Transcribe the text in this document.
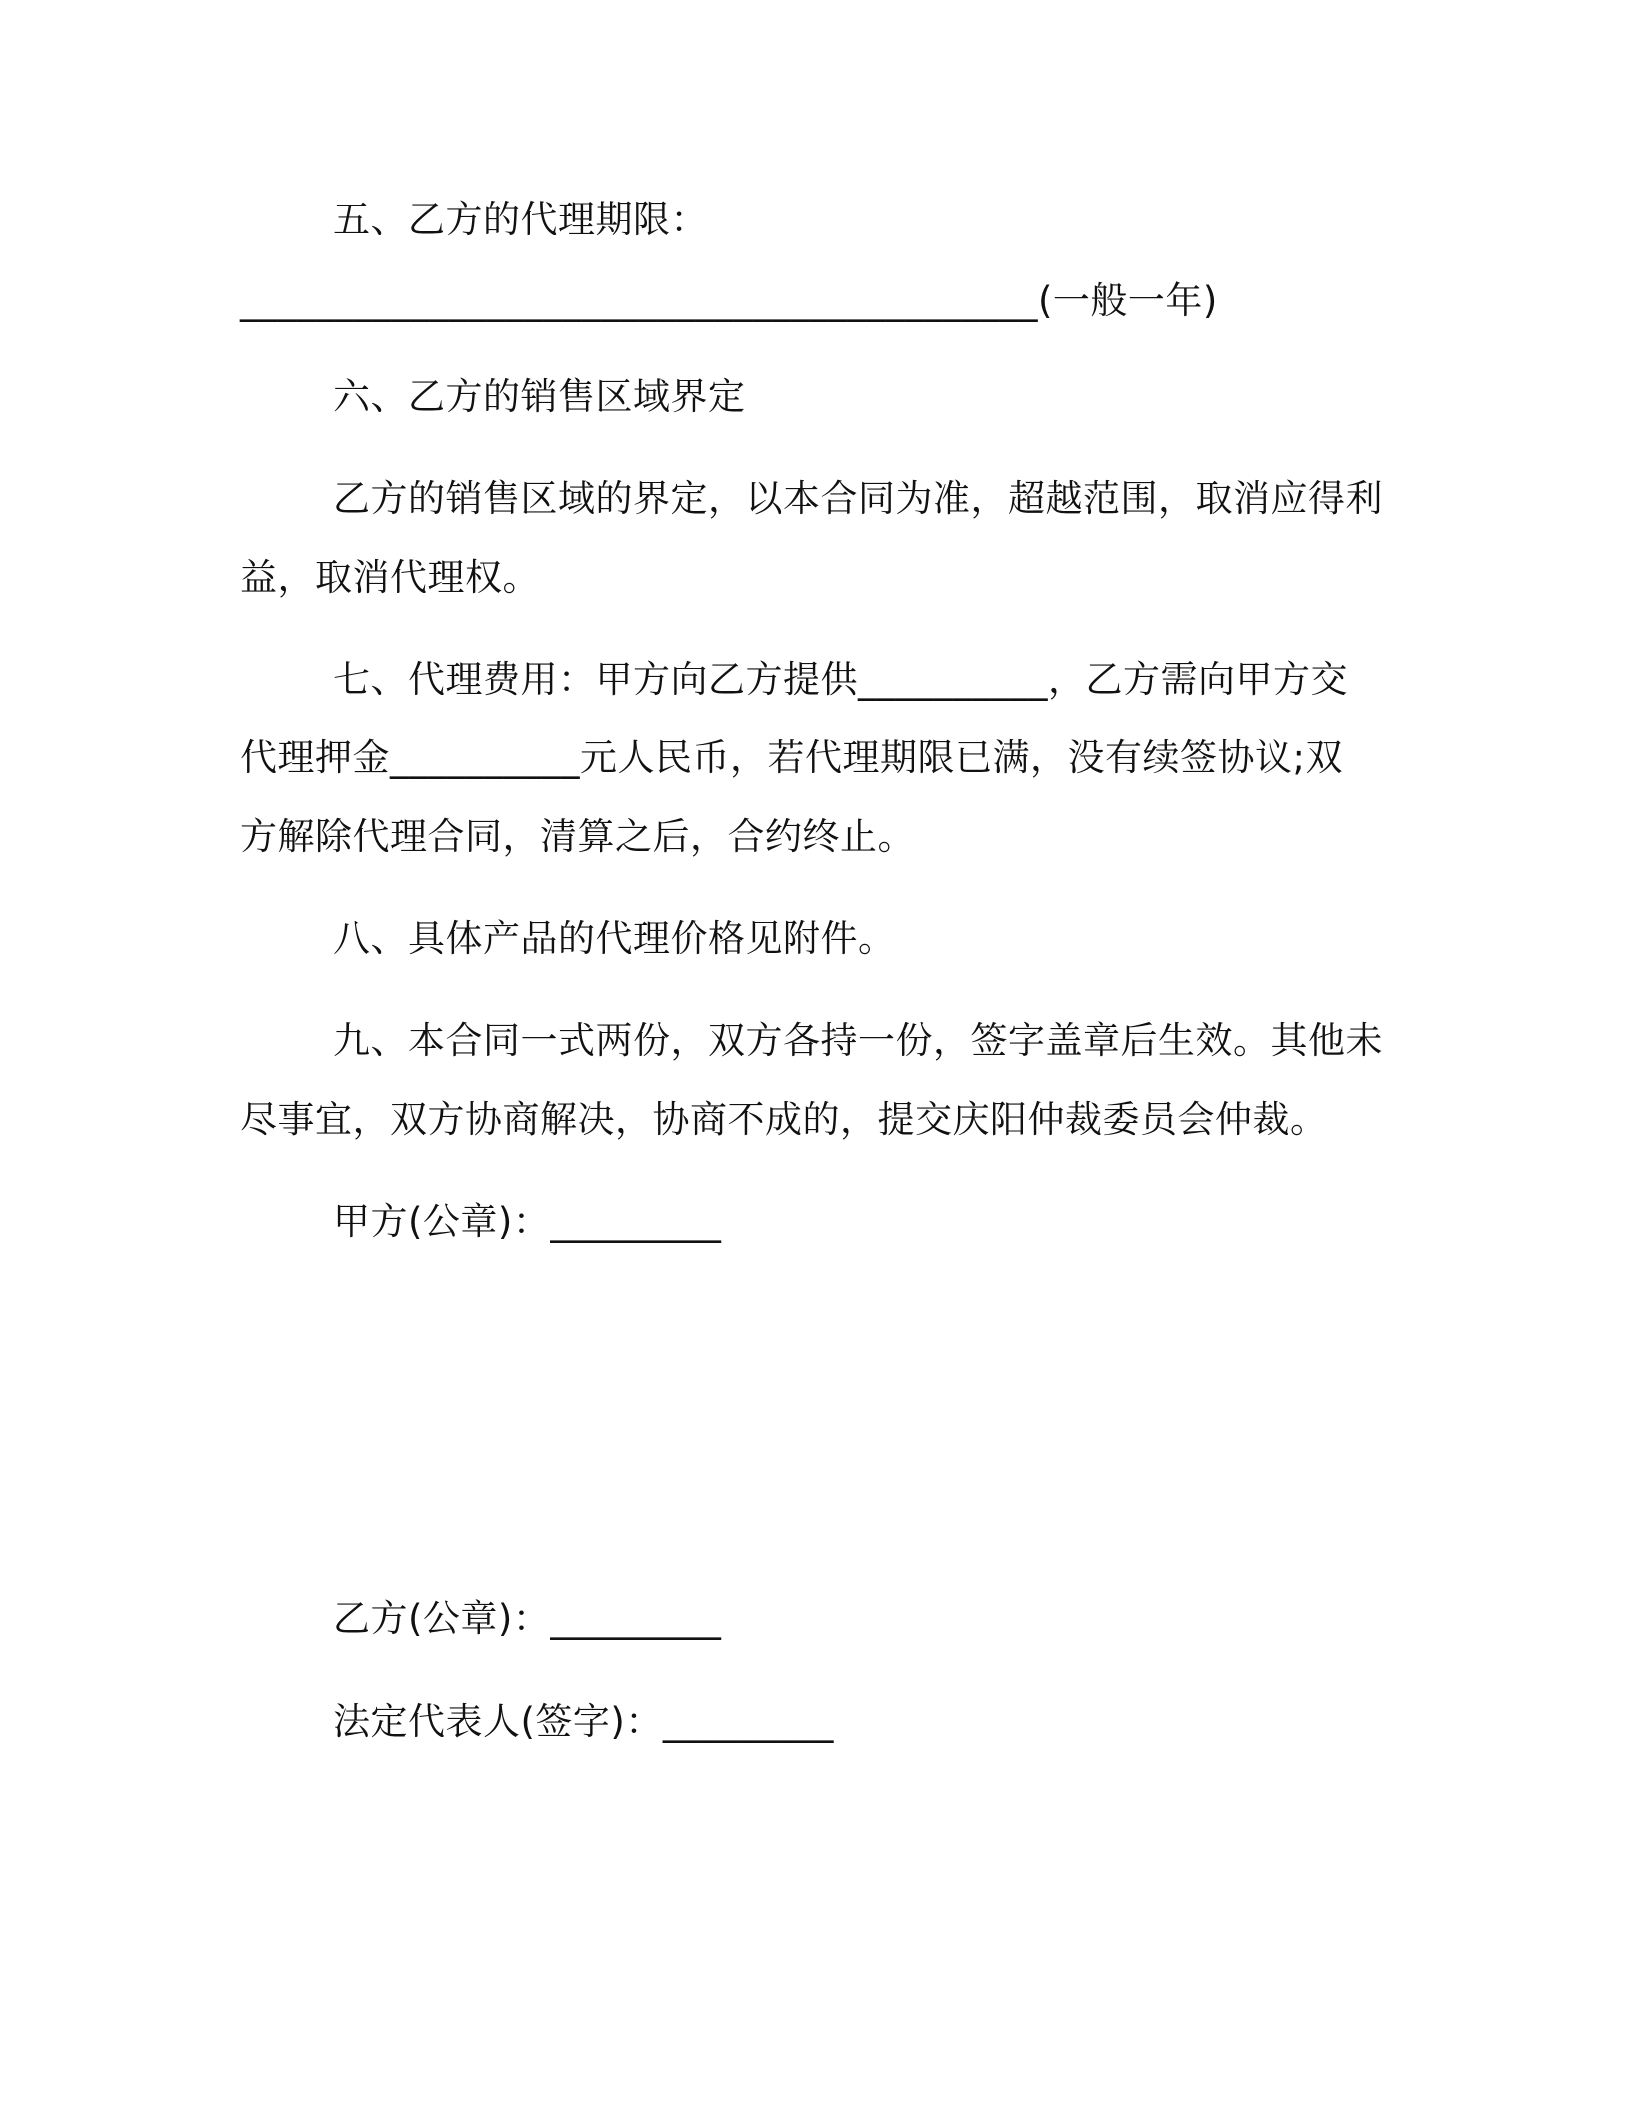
五、乙方的代理期限：
__________________________________________(一般一年)
六、乙方的销售区域界定
乙方的销售区域的界定，以本合同为准，超越范围，取消应得利
益，取消代理权。
七、代理费用：甲方向乙方提供__________，乙方需向甲方交
代理押金__________元人民币，若代理期限已满，没有续签协议;双
方解除代理合同，清算之后，合约终止。
八、具体产品的代理价格见附件。
九、本合同一式两份，双方各持一份，签字盖章后生效。其他未
尽事宜，双方协商解决，协商不成的，提交庆阳仲裁委员会仲裁。
甲方(公章)：_________
乙方(公章)：_________
法定代表人(签字)：_________
